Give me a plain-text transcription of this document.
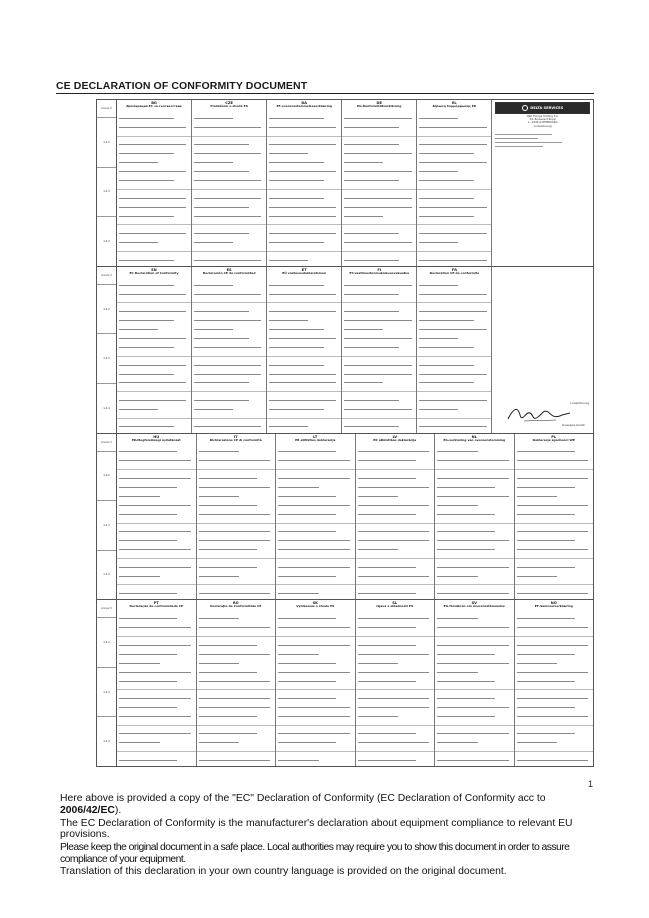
CE DECLARATION OF CONFORMITY DOCUMENT
Annex II
1.4.2
1.4.3
1.4.4
BG
Декларация ЕС за съответствие
CZE
Prohlášení o shodě ES
DA
EF-overensstemmelseserklæring
DE
EG-Konformitätserklärung
EL
Δήλωση Συμμόρφωσης ΕΚ	DELTA SERVICES
CNH Europe Holding S.A.
24, Boulevard Royal
L - 2449 LUXEMBOURG
(Luxembourg)
Annex II
1.4.2
1.4.3
1.4.4
EN
EC Declaration of Conformity
ES
Declaración CE de conformidad
ET
EÜ vastavusdeklaratsioon
FI
EY-vaatimustenmukaisuusvakuutus
FR
Déclaration CE de conformité
Luxembourg
Giuseppe Gerelli
Annex II
1.4.2
1.4.3
1.4.4
HU
EK-Megfelelőségi nyilatkozat
IT
Dichiarazione CE di conformità
LT
EB atitikties deklaracija
LV
EK atbilstības deklarācija
NL
EG-verklaring van overeenstemming
PL
Deklaracja zgodności WE
Annex II
1.4.2
1.4.3
1.4.4
PT
Declaração de conformidade CE
RO
Declaraţie de Conformitate CE
SK
Vyhlásenie o zhode ES
SL
Izjava o skladnosti ES
SV
EG-försäkran om överensstämmelse
NO
EF-Samsvarserklæring
1

Here above is provided a copy of the "EC" Declaration of Conformity (EC Declaration of Conformity acc to 2006/42/EC).

The EC Declaration of Conformity is the manufacturer's declaration about equipment compliance to relevant EU provisions.

Please keep the original document in a safe place. Local authorities may require you to show this document in order to assure compliance of your equipment.

Translation of this declaration in your own country language is provided on the original document.
